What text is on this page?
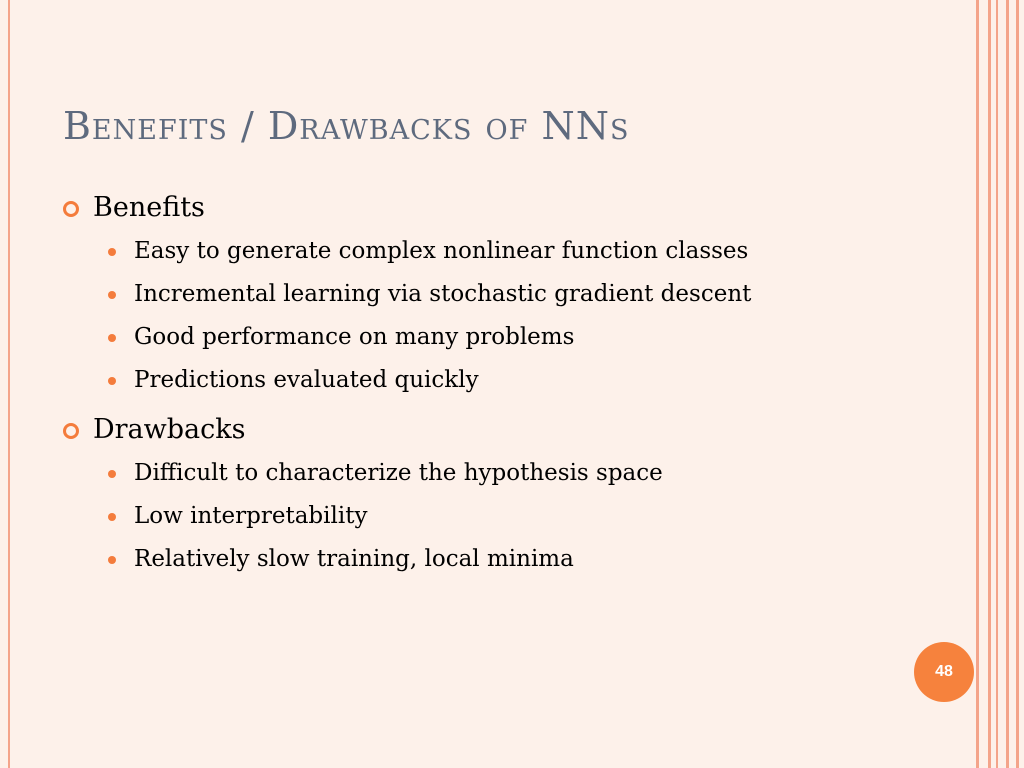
Benefits / Drawbacks of NNs
Benefits
Easy to generate complex nonlinear function classes
Incremental learning via stochastic gradient descent
Good performance on many problems
Predictions evaluated quickly
Drawbacks
Difficult to characterize the hypothesis space
Low interpretability
Relatively slow training, local minima
48
